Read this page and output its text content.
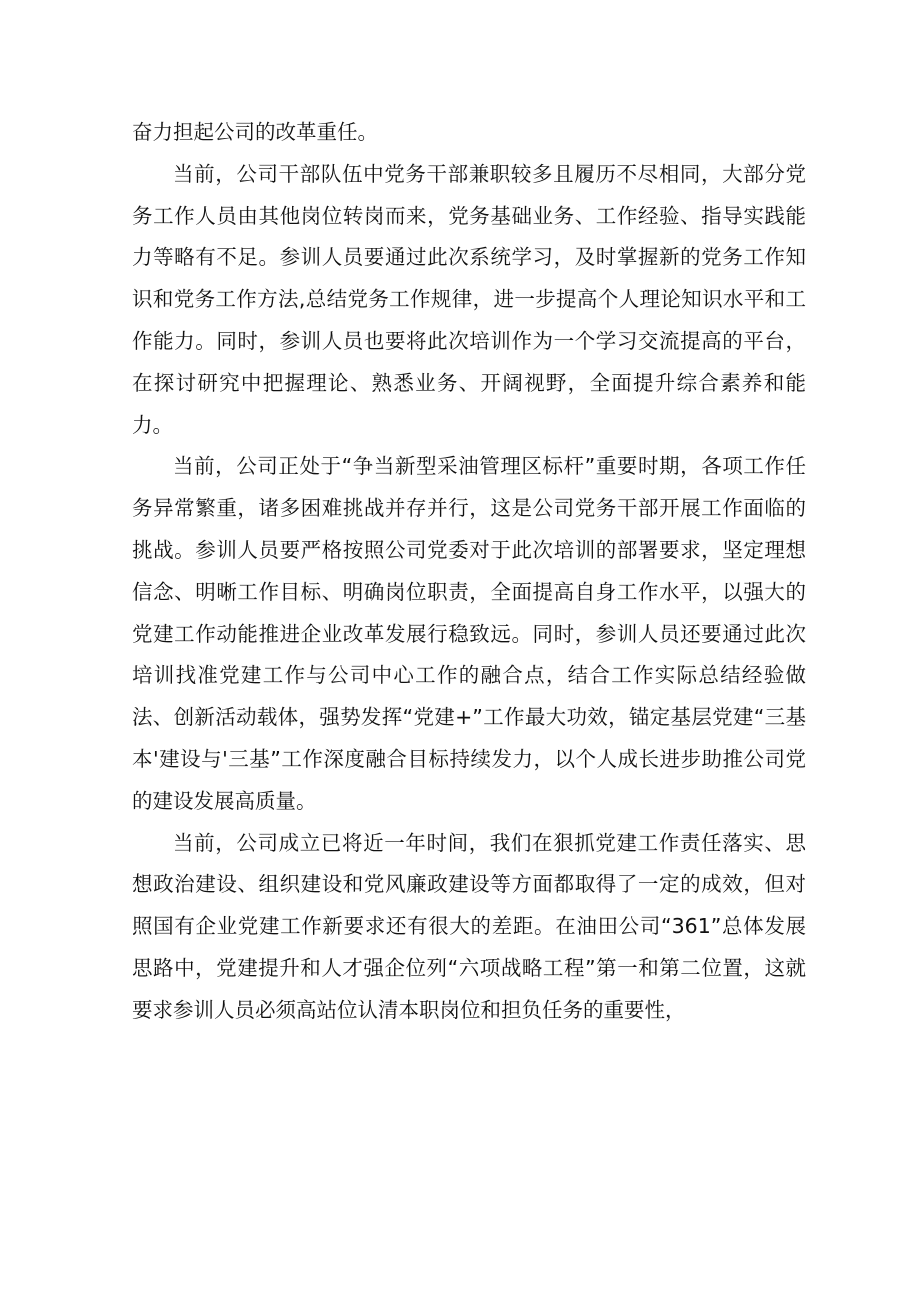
奋力担起公司的改革重任。

当前，公司干部队伍中党务干部兼职较多且履历不尽相同，大部分党务工作人员由其他岗位转岗而来，党务基础业务、工作经验、指导实践能力等略有不足。参训人员要通过此次系统学习，及时掌握新的党务工作知识和党务工作方法,总结党务工作规律，进一步提高个人理论知识水平和工作能力。同时，参训人员也要将此次培训作为一个学习交流提高的平台，在探讨研究中把握理论、熟悉业务、开阔视野，全面提升综合素养和能力。

当前，公司正处于“争当新型采油管理区标杆”重要时期，各项工作任务异常繁重，诸多困难挑战并存并行，这是公司党务干部开展工作面临的挑战。参训人员要严格按照公司党委对于此次培训的部署要求，坚定理想信念、明晰工作目标、明确岗位职责，全面提高自身工作水平，以强大的党建工作动能推进企业改革发展行稳致远。同时，参训人员还要通过此次培训找准党建工作与公司中心工作的融合点，结合工作实际总结经验做法、创新活动载体，强势发挥“党建+”工作最大功效，锚定基层党建“三基本'建设与'三基”工作深度融合目标持续发力，以个人成长进步助推公司党的建设发展高质量。

当前，公司成立已将近一年时间，我们在狠抓党建工作责任落实、思想政治建设、组织建设和党风廉政建设等方面都取得了一定的成效，但对照国有企业党建工作新要求还有很大的差距。在油田公司“361”总体发展思路中，党建提升和人才强企位列“六项战略工程”第一和第二位置，这就要求参训人员必须高站位认清本职岗位和担负任务的重要性，
